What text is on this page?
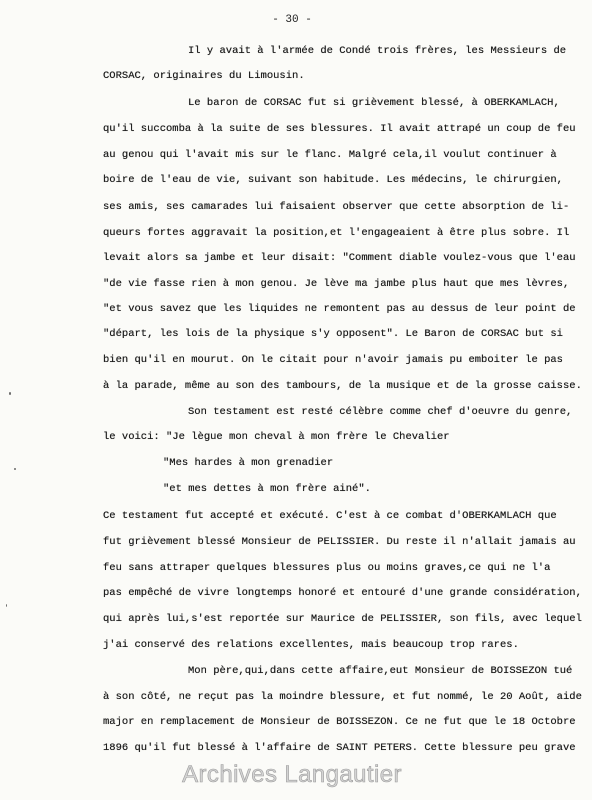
- 30 -
Il y avait à l'armée de Condé trois frères, les Messieurs de
CORSAC, originaires du Limousin.
Le baron de CORSAC fut si grièvement blessé, à OBERKAMLACH,
qu'il succomba à la suite de ses blessures. Il avait attrapé un coup de feu
au genou qui l'avait mis sur le flanc. Malgré cela,il voulut continuer à
boire de l'eau de vie, suivant son habitude. Les médecins, le chirurgien,
ses amis, ses camarades lui faisaient observer que cette absorption de li-
queurs fortes aggravait la position,et l'engageaient à être plus sobre. Il
levait alors sa jambe et leur disait: "Comment diable voulez-vous que l'eau
"de vie fasse rien à mon genou. Je lève ma jambe plus haut que mes lèvres,
"et vous savez que les liquides ne remontent pas au dessus de leur point de
"départ, les lois de la physique s'y opposent". Le Baron de CORSAC but si
bien qu'il en mourut. On le citait pour n'avoir jamais pu emboiter le pas
à la parade, même au son des tambours, de la musique et de la grosse caisse.
Son testament est resté célèbre comme chef d'oeuvre du genre,
le voici: "Je lègue mon cheval à mon frère le Chevalier
"Mes hardes à mon grenadier
"et mes dettes à mon frère ainé".
Ce testament fut accepté et exécuté. C'est à ce combat d'OBERKAMLACH que
fut grièvement blessé Monsieur de PELISSIER. Du reste il n'allait jamais au
feu sans attraper quelques blessures plus ou moins graves,ce qui ne l'a
pas empêché de vivre longtemps honoré et entouré d'une grande considération,
qui après lui,s'est reportée sur Maurice de PELISSIER, son fils, avec lequel
j'ai conservé des relations excellentes, mais beaucoup trop rares.
Mon père,qui,dans cette affaire,eut Monsieur de BOISSEZON tué
à son côté, ne reçut pas la moindre blessure, et fut nommé, le 20 Août, aide
major en remplacement de Monsieur de BOISSEZON. Ce ne fut que le 18 Octobre
1896 qu'il fut blessé à l'affaire de SAINT PETERS. Cette blessure peu grave
Archives Langautier
